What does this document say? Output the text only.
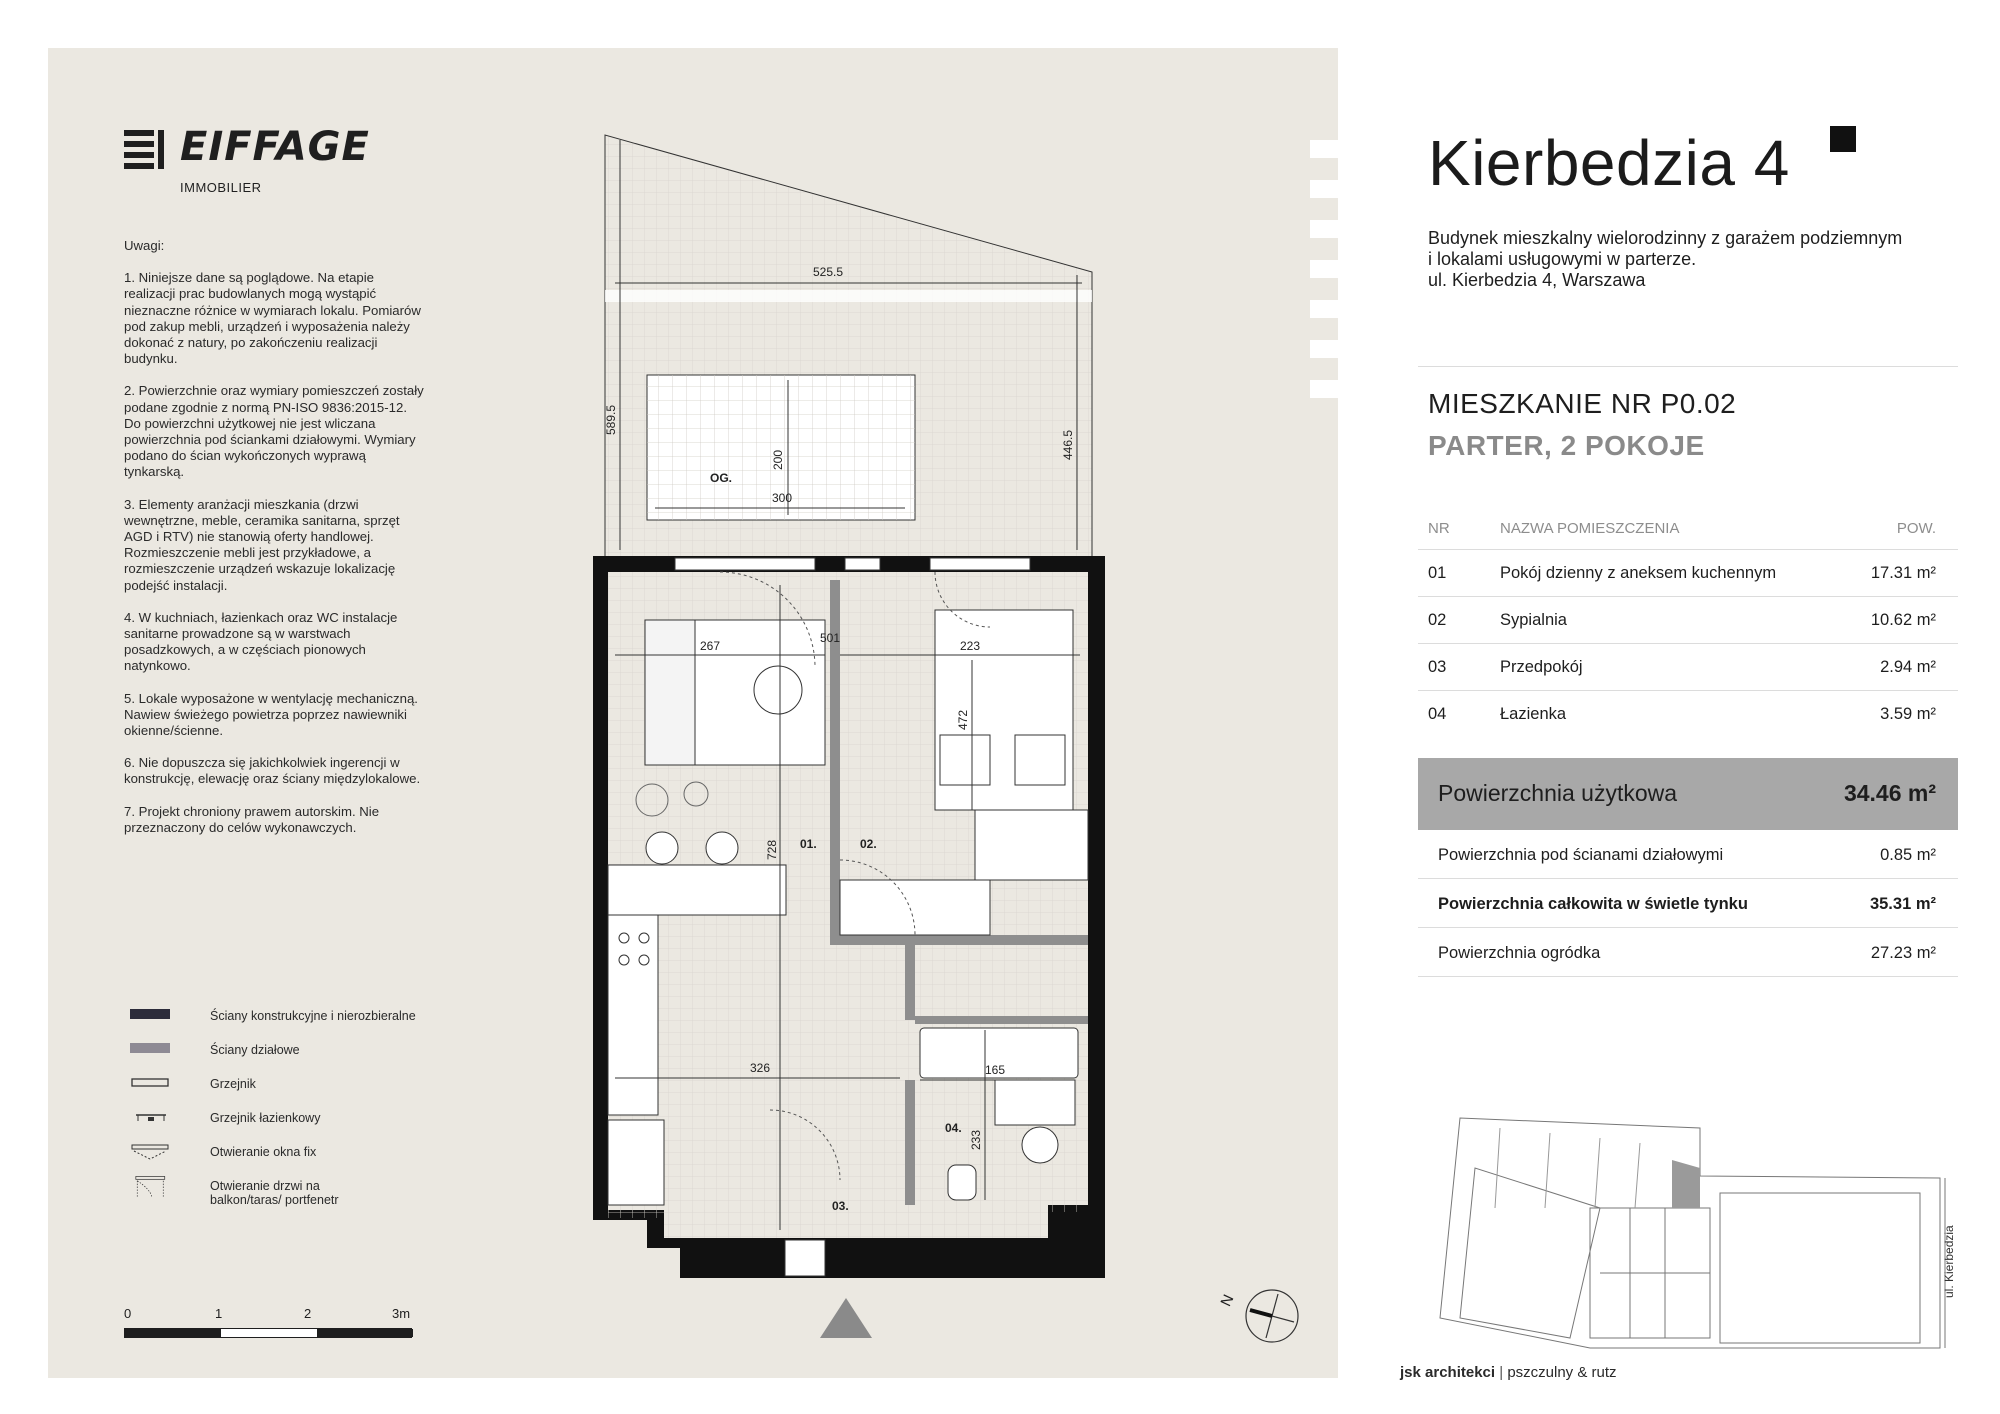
EIFFAGE
IMMOBILIER
Uwagi:

1. Niniejsze dane są poglądowe. Na etapie realizacji prac budowlanych mogą wystąpić nieznaczne różnice w wymiarach lokalu. Pomiarów pod zakup mebli, urządzeń i wyposażenia należy dokonać z natury, po zakończeniu realizacji budynku.

2. Powierzchnie oraz wymiary pomieszczeń zostały podane zgodnie z normą PN-ISO 9836:2015-12. Do powierzchni użytkowej nie jest wliczana powierzchnia pod ściankami działowymi. Wymiary podano do ścian wykończonych wyprawą tynkarską.

3. Elementy aranżacji mieszkania (drzwi wewnętrzne, meble, ceramika sanitarna, sprzęt AGD i RTV) nie stanowią oferty handlowej. Rozmieszczenie mebli jest przykładowe, a rozmieszczenie urządzeń wskazuje lokalizację podejść instalacji.

4. W kuchniach, łazienkach oraz WC instalacje sanitarne prowadzone są w warstwach posadzkowych, a w częściach pionowych natynkowo.

5. Lokale wyposażone w wentylację mechaniczną. Nawiew świeżego powietrza poprzez nawiewniki okienne/ścienne.

6. Nie dopuszcza się jakichkolwiek ingerencji w konstrukcję, elewację oraz ściany międzylokalowe.

7. Projekt chroniony prawem autorskim. Nie przeznaczony do celów wykonawczych.

Ściany konstrukcyjne i nierozbieralne
Ściany działowe
Grzejnik
Grzejnik łazienkowy
Otwieranie okna fix
Otwieranie drzwi na
balkon/taras/ portfenetr
0	1	2	3m
N
525.5
589.5
446.5
200
300
OG.
501
267	223
472
728
326	165
233
01.	02.
03.
04.
Kierbedzia 4
Budynek mieszkalny wielorodzinny z garażem podziemnym
i lokalami usługowymi w parterze.
ul. Kierbedzia 4, Warszawa
MIESZKANIE NR P0.02
PARTER, 2 POKOJE
NR	NAZWA POMIESZCZENIA	POW.
01	Pokój dzienny z aneksem kuchennym	17.31 m²
02	Sypialnia	10.62 m²
03	Przedpokój	2.94 m²
04	Łazienka	3.59 m²
Powierzchnia użytkowa	34.46 m²
Powierzchnia pod ścianami działowymi	0.85 m²
Powierzchnia całkowita w świetle tynku	35.31 m²
Powierzchnia ogródka	27.23 m²
ul. Kierbedzia
jsk architekci | pszczulny & rutz
